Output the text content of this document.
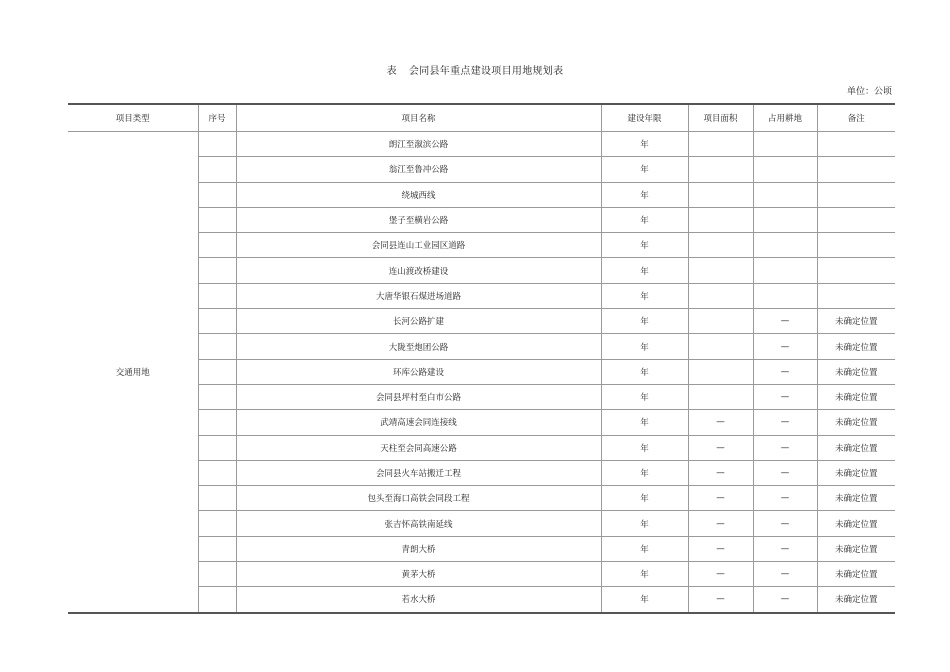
表 会同县年重点建设项目用地规划表
单位：公顷
项目类型	序号	项目名称	建设年限	项目面积	占用耕地	备注
交通用地		朗江至溆滨公路	年			
		翁江至鲁冲公路	年			
		绕城西线	年			
		堡子至横岩公路	年			
		会同县连山工业园区道路	年			
		连山渡改桥建设	年			
		大唐华银石煤进场道路	年			
		长河公路扩建	年		—	未确定位置
		大陇至炮团公路	年		—	未确定位置
		环库公路建设	年		—	未确定位置
		会同县坪村至白市公路	年		—	未确定位置
		武靖高速会同连接线	年	—	—	未确定位置
		天柱至会同高速公路	年	—	—	未确定位置
		会同县火车站搬迁工程	年	—	—	未确定位置
		包头至海口高铁会同段工程	年	—	—	未确定位置
		张吉怀高铁南延线	年	—	—	未确定位置
		青朗大桥	年	—	—	未确定位置
		黄茅大桥	年	—	—	未确定位置
		若水大桥	年	—	—	未确定位置
